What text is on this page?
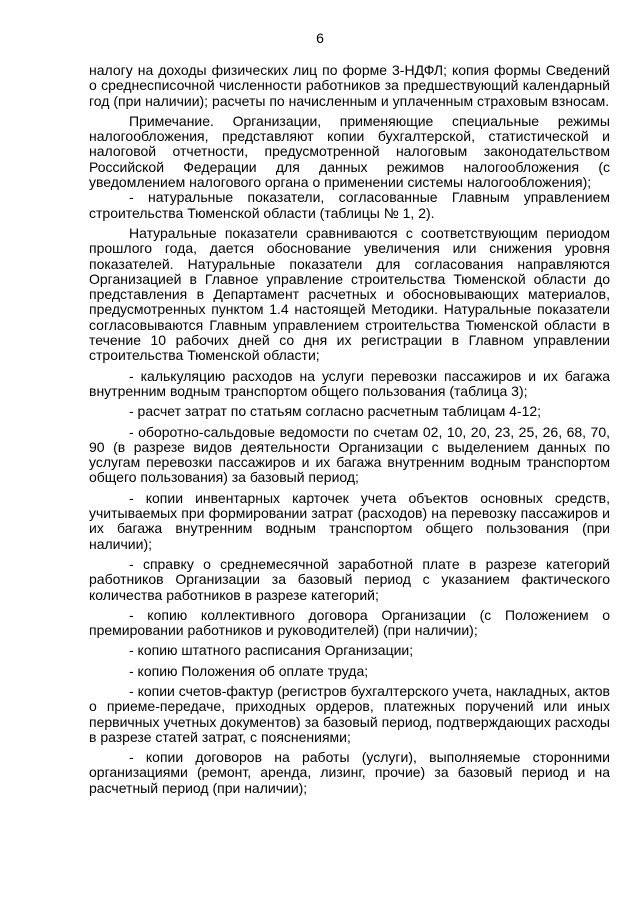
6

налогу на доходы физических лиц по форме 3-НДФЛ; копия формы Сведений о среднесписочной численности работников за предшествующий календарный год (при наличии); расчеты по начисленным и уплаченным страховым взносам.

Примечание. Организации, применяющие специальные режимы налогообложения, представляют копии бухгалтерской, статистической и налоговой отчетности, предусмотренной налоговым законодательством Российской Федерации для данных режимов налогообложения (с уведомлением налогового органа о применении системы налогообложения);

- натуральные показатели, согласованные Главным управлением строительства Тюменской области (таблицы № 1, 2).

Натуральные показатели сравниваются с соответствующим периодом прошлого года, дается обоснование увеличения или снижения уровня показателей. Натуральные показатели для согласования направляются Организацией в Главное управление строительства Тюменской области до представления в Департамент расчетных и обосновывающих материалов, предусмотренных пунктом 1.4 настоящей Методики. Натуральные показатели согласовываются Главным управлением строительства Тюменской области в течение 10 рабочих дней со дня их регистрации в Главном управлении строительства Тюменской области;

- калькуляцию расходов на услуги перевозки пассажиров и их багажа внутренним водным транспортом общего пользования (таблица 3);

- расчет затрат по статьям согласно расчетным таблицам 4-12;

- оборотно-сальдовые ведомости по счетам 02, 10, 20, 23, 25, 26, 68, 70, 90 (в разрезе видов деятельности Организации с выделением данных по услугам перевозки пассажиров и их багажа внутренним водным транспортом общего пользования) за базовый период;

- копии инвентарных карточек учета объектов основных средств, учитываемых при формировании затрат (расходов) на перевозку пассажиров и их багажа внутренним водным транспортом общего пользования (при наличии);

- справку о среднемесячной заработной плате в разрезе категорий работников Организации за базовый период с указанием фактического количества работников в разрезе категорий;

- копию коллективного договора Организации (с Положением о премировании работников и руководителей) (при наличии);

- копию штатного расписания Организации;

- копию Положения об оплате труда;

- копии счетов-фактур (регистров бухгалтерского учета, накладных, актов о приеме-передаче, приходных ордеров, платежных поручений или иных первичных учетных документов) за базовый период, подтверждающих расходы в разрезе статей затрат, с пояснениями;

- копии договоров на работы (услуги), выполняемые сторонними организациями (ремонт, аренда, лизинг, прочие) за базовый период и на расчетный период (при наличии);
